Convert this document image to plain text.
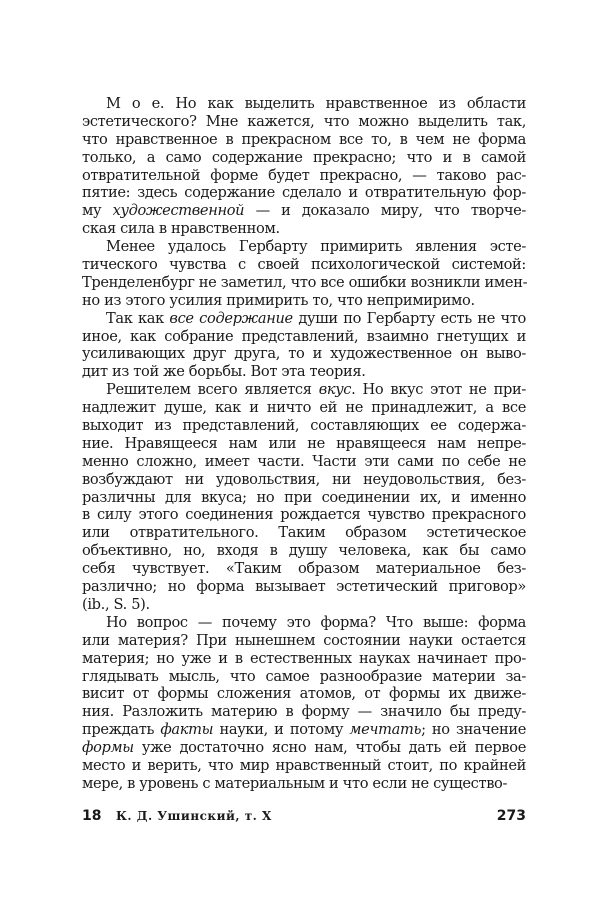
М о е. Но как выделить нравственное из области
эстетического? Мне кажется, что можно выделить так,
что нравственное в прекрасном все то, в чем не форма
только, а само содержание прекрасно; что и в самой
отвратительной форме будет прекрасно, — таково рас-
пятие: здесь содержание сделало и отвратительную фор-
му художественной — и доказало миру, что творче-
ская сила в нравственном.
Менее удалось Гербарту примирить явления эсте-
тического чувства с своей психологической системой:
Тренделенбург не заметил, что все ошибки возникли имен-
но из этого усилия примирить то, что непримиримо.
Так как все содержание души по Гербарту есть не что
иное, как собрание представлений, взаимно гнетущих и
усиливающих друг друга, то и художественное он выво-
дит из той же борьбы. Вот эта теория.
Решителем всего является вкус. Но вкус этот не при-
надлежит душе, как и ничто ей не принадлежит, а все
выходит из представлений, составляющих ее содержа-
ние. Нравящееся нам или не нравящееся нам непре-
менно сложно, имеет части. Части эти сами по себе не
возбуждают ни удовольствия, ни неудовольствия, без-
различны для вкуса; но при соединении их, и именно
в силу этого соединения рождается чувство прекрасного
или отвратительного. Таким образом эстетическое
объективно, но, входя в душу человека, как бы само
себя чувствует. «Таким образом материальное без-
различно; но форма вызывает эстетический приговор»
(ib., S. 5).
Но вопрос — почему это форма? Что выше: форма
или материя? При нынешнем состоянии науки остается
материя; но уже и в естественных науках начинает про-
глядывать мысль, что самое разнообразие материи за-
висит от формы сложения атомов, от формы их движе-
ния. Разложить материю в форму — значило бы преду-
преждать факты науки, и потому мечтать; но значение
формы уже достаточно ясно нам, чтобы дать ей первое
место и верить, что мир нравственный стоит, по крайней
мере, в уровень с материальным и что если не существо-
18 К. Д. Ушинский, т. X	273
